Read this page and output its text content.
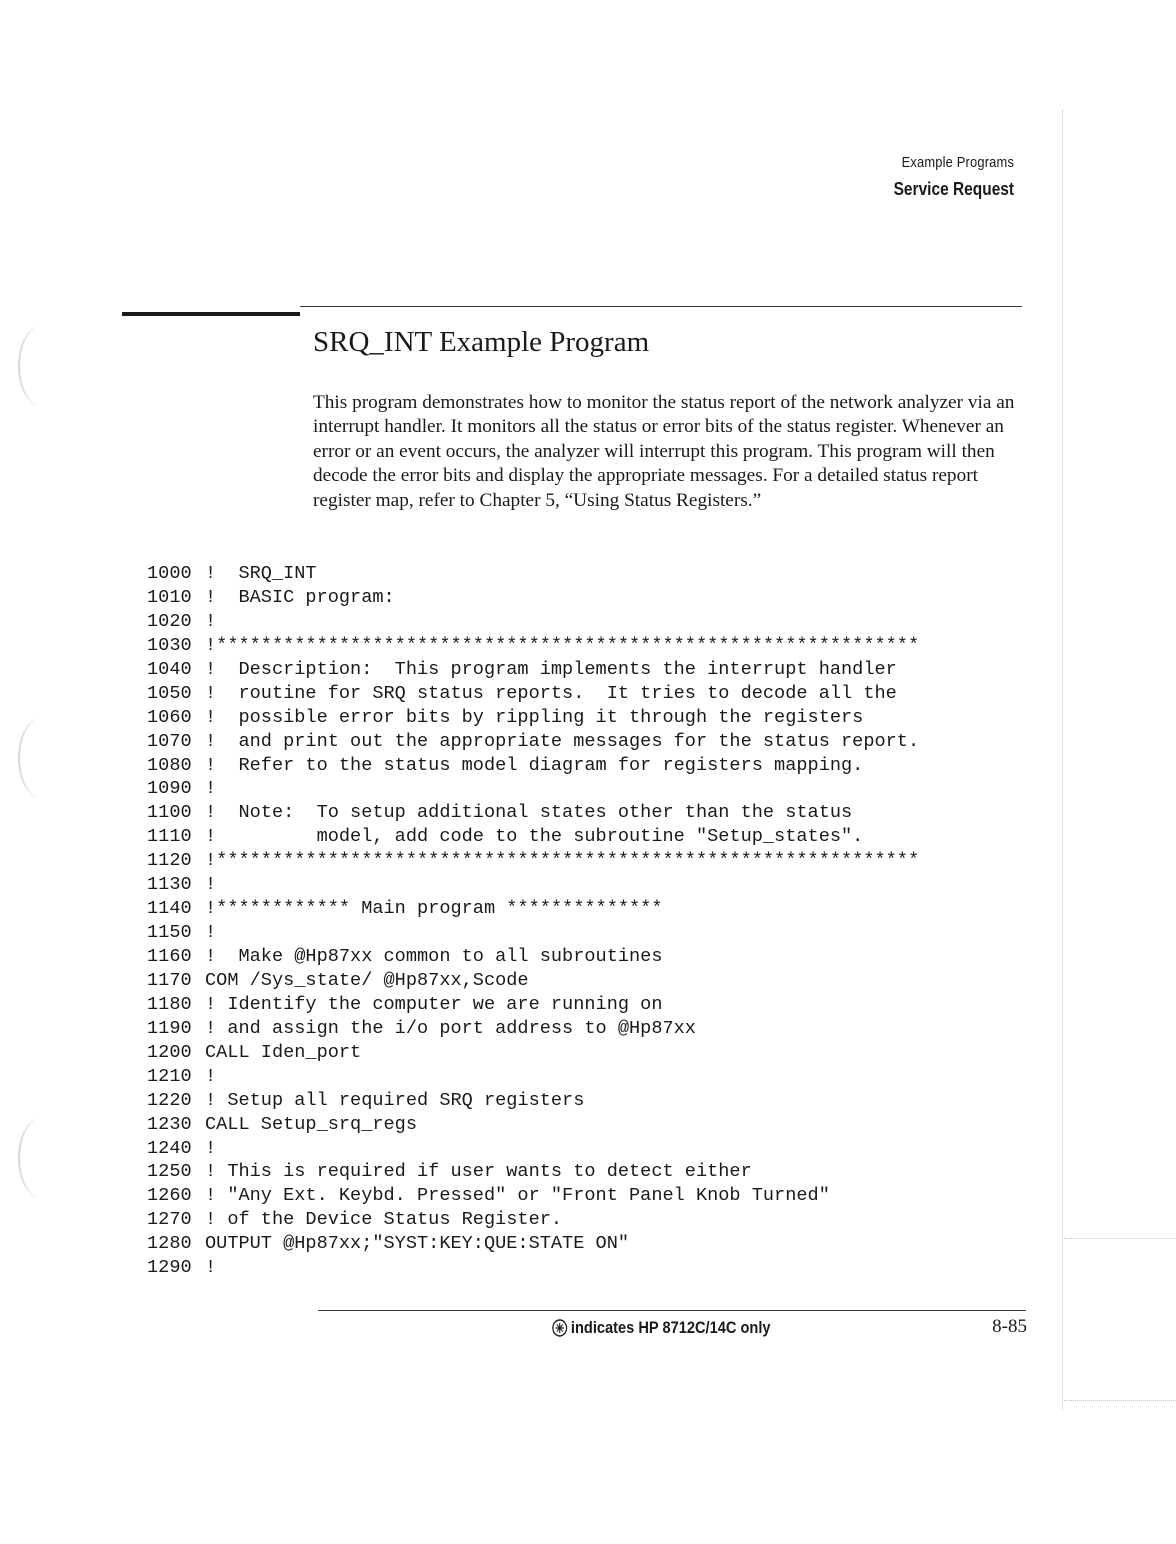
Example Programs
Service Request
SRQ_INT Example Program

This program demonstrates how to monitor the status report of the network analyzer via an interrupt handler. It monitors all the status or error bits of the status register. Whenever an error or an event occurs, the analyzer will interrupt this program. This program will then decode the error bits and display the appropriate messages. For a detailed status report register map, refer to Chapter 5, “Using Status Registers.”

1000 !  SRQ_INT
1010 !  BASIC program:
1020 !
1030 !***************************************************************
1040 !  Description:  This program implements the interrupt handler
1050 !  routine for SRQ status reports.  It tries to decode all the
1060 !  possible error bits by rippling it through the registers
1070 !  and print out the appropriate messages for the status report.
1080 !  Refer to the status model diagram for registers mapping.
1090 !
1100 !  Note:  To setup additional states other than the status
1110 !         model, add code to the subroutine "Setup_states".
1120 !***************************************************************
1130 !
1140 !************ Main program **************
1150 !
1160 !  Make @Hp87xx common to all subroutines
1170 COM /Sys_state/ @Hp87xx,Scode
1180 ! Identify the computer we are running on
1190 ! and assign the i/o port address to @Hp87xx
1200 CALL Iden_port
1210 !
1220 ! Setup all required SRQ registers
1230 CALL Setup_srq_regs
1240 !
1250 ! This is required if user wants to detect either
1260 ! "Any Ext. Keybd. Pressed" or "Front Panel Knob Turned"
1270 ! of the Device Status Register.
1280 OUTPUT @Hp87xx;"SYST:KEY:QUE:STATE ON"
1290 !
indicates HP 8712C/14C only	8-85
